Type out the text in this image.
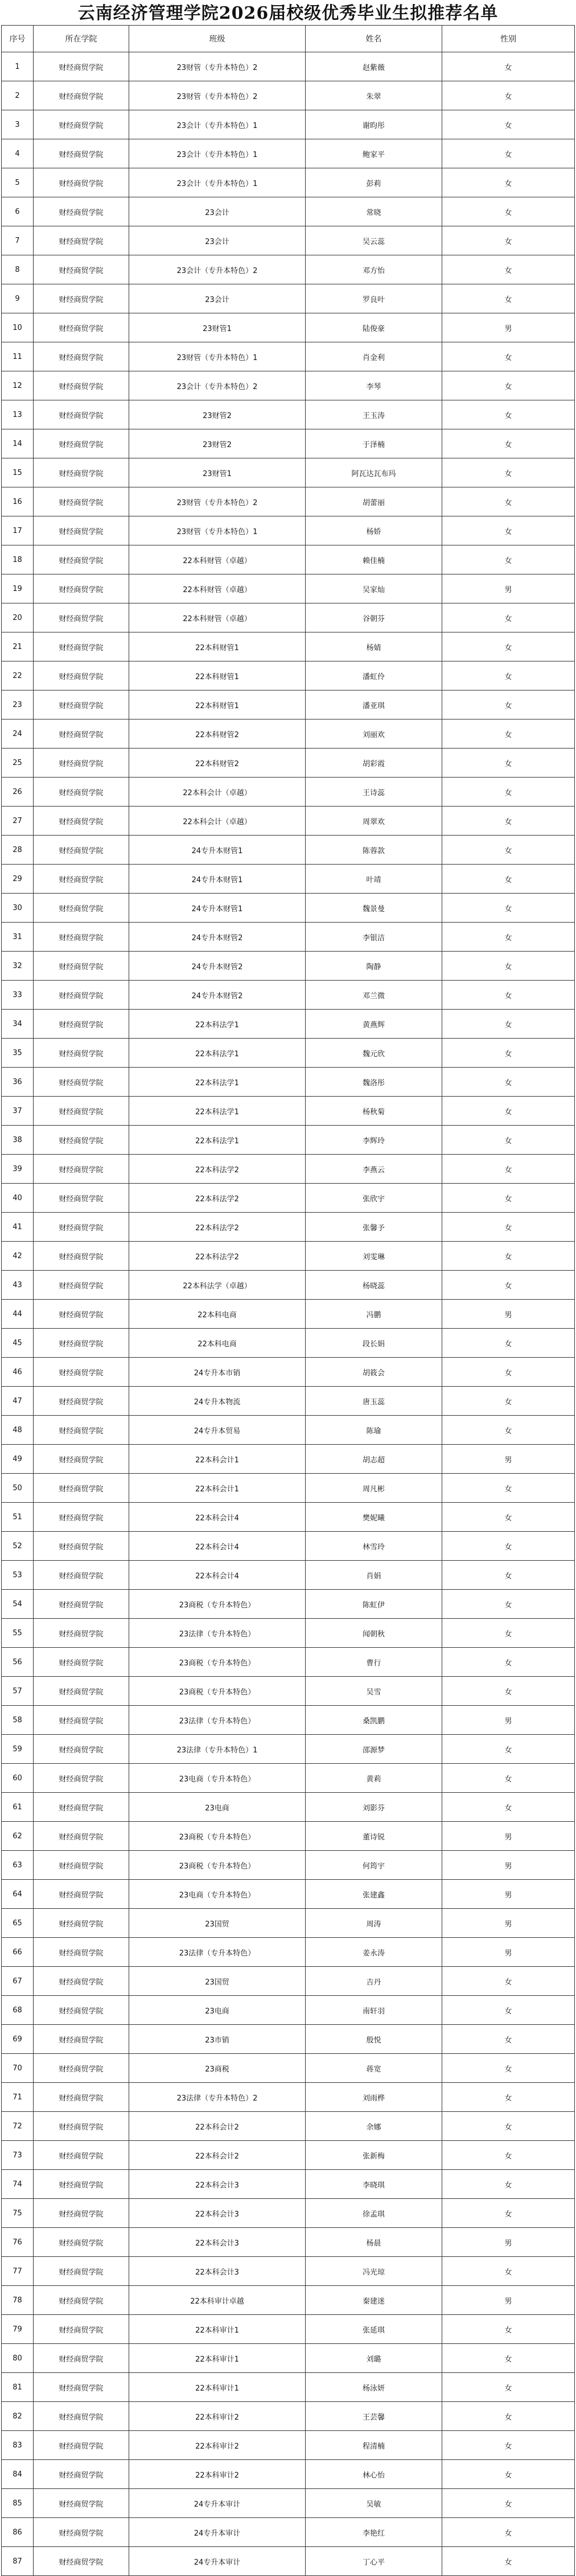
云南经济管理学院2026届校级优秀毕业生拟推荐名单
序号	所在学院	班级	姓名	性别
1	财经商贸学院	23财管（专升本特色）2	赵紫薇	女
2	财经商贸学院	23财管（专升本特色）2	朱翠	女
3	财经商贸学院	23会计（专升本特色）1	谢昀彤	女
4	财经商贸学院	23会计（专升本特色）1	鲍家平	女
5	财经商贸学院	23会计（专升本特色）1	彭莉	女
6	财经商贸学院	23会计	常晓	女
7	财经商贸学院	23会计	吴云蕊	女
8	财经商贸学院	23会计（专升本特色）2	邓方怡	女
9	财经商贸学院	23会计	罗良叶	女
10	财经商贸学院	23财管1	陆俊豪	男
11	财经商贸学院	23财管（专升本特色）1	肖金利	女
12	财经商贸学院	23会计（专升本特色）2	李琴	女
13	财经商贸学院	23财管2	王玉涛	女
14	财经商贸学院	23财管2	于泽楠	女
15	财经商贸学院	23财管1	阿瓦达瓦布玛	女
16	财经商贸学院	23财管（专升本特色）2	胡蕾丽	女
17	财经商贸学院	23财管（专升本特色）1	杨娇	女
18	财经商贸学院	22本科财管（卓越）	赖佳楠	女
19	财经商贸学院	22本科财管（卓越）	吴家灿	男
20	财经商贸学院	22本科财管（卓越）	谷朝芬	女
21	财经商贸学院	22本科财管1	杨婧	女
22	财经商贸学院	22本科财管1	潘虹伶	女
23	财经商贸学院	22本科财管1	潘亚琪	女
24	财经商贸学院	22本科财管2	刘丽欢	女
25	财经商贸学院	22本科财管2	胡彩霞	女
26	财经商贸学院	22本科会计（卓越）	王诗蕊	女
27	财经商贸学院	22本科会计（卓越）	周翠欢	女
28	财经商贸学院	24专升本财管1	陈蓉款	女
29	财经商贸学院	24专升本财管1	叶靖	女
30	财经商贸学院	24专升本财管1	魏景曼	女
31	财经商贸学院	24专升本财管2	李银洁	女
32	财经商贸学院	24专升本财管2	陶静	女
33	财经商贸学院	24专升本财管2	邓兰微	女
34	财经商贸学院	22本科法学1	黄燕辉	女
35	财经商贸学院	22本科法学1	魏元欣	女
36	财经商贸学院	22本科法学1	魏洛彤	女
37	财经商贸学院	22本科法学1	杨秋菊	女
38	财经商贸学院	22本科法学1	李辉玲	女
39	财经商贸学院	22本科法学2	李燕云	女
40	财经商贸学院	22本科法学2	张欣宇	女
41	财经商贸学院	22本科法学2	张馨予	女
42	财经商贸学院	22本科法学2	刘雯琳	女
43	财经商贸学院	22本科法学（卓越）	杨晓蕊	女
44	财经商贸学院	22本科电商	冯鹏	男
45	财经商贸学院	22本科电商	段长娟	女
46	财经商贸学院	24专升本市销	胡筱会	女
47	财经商贸学院	24专升本物流	唐玉蕊	女
48	财经商贸学院	24专升本贸易	陈瑜	女
49	财经商贸学院	22本科会计1	胡志超	男
50	财经商贸学院	22本科会计1	周凡彬	女
51	财经商贸学院	22本科会计4	樊妮曦	女
52	财经商贸学院	22本科会计4	林雪玲	女
53	财经商贸学院	22本科会计4	肖娟	女
54	财经商贸学院	23商税（专升本特色）	陈虹伊	女
55	财经商贸学院	23法律（专升本特色）	闻朝秋	女
56	财经商贸学院	23商税（专升本特色）	曹行	女
57	财经商贸学院	23商税（专升本特色）	吴雪	女
58	财经商贸学院	23法律（专升本特色）	桑凯鹏	男
59	财经商贸学院	23法律（专升本特色）1	邵源梦	女
60	财经商贸学院	23电商（专升本特色）	黄莉	女
61	财经商贸学院	23电商	刘影芬	女
62	财经商贸学院	23商税（专升本特色）	董诗锐	男
63	财经商贸学院	23商税（专升本特色）	何筠宇	男
64	财经商贸学院	23电商（专升本特色）	张建鑫	男
65	财经商贸学院	23国贸	周涛	男
66	财经商贸学院	23法律（专升本特色）	姜永涛	男
67	财经商贸学院	23国贸	吉丹	女
68	财经商贸学院	23电商	南轩羽	女
69	财经商贸学院	23市销	殷悦	女
70	财经商贸学院	23商税	蒋宽	女
71	财经商贸学院	23法律（专升本特色）2	刘雨桦	女
72	财经商贸学院	22本科会计2	余娜	女
73	财经商贸学院	22本科会计2	张新梅	女
74	财经商贸学院	22本科会计3	李晓琪	女
75	财经商贸学院	22本科会计3	徐孟琪	女
76	财经商贸学院	22本科会计3	杨晨	男
77	财经商贸学院	22本科会计3	冯光琼	女
78	财经商贸学院	22本科审计卓越	秦建迷	男
79	财经商贸学院	22本科审计1	张延琪	女
80	财经商贸学院	22本科审计1	刘璐	女
81	财经商贸学院	22本科审计1	杨泳妍	女
82	财经商贸学院	22本科审计2	王芸馨	女
83	财经商贸学院	22本科审计2	程清楠	女
84	财经商贸学院	22本科审计2	林心怡	女
85	财经商贸学院	24专升本审计	吴敏	女
86	财经商贸学院	24专升本审计	李艳红	女
87	财经商贸学院	24专升本审计	丁心平	女
